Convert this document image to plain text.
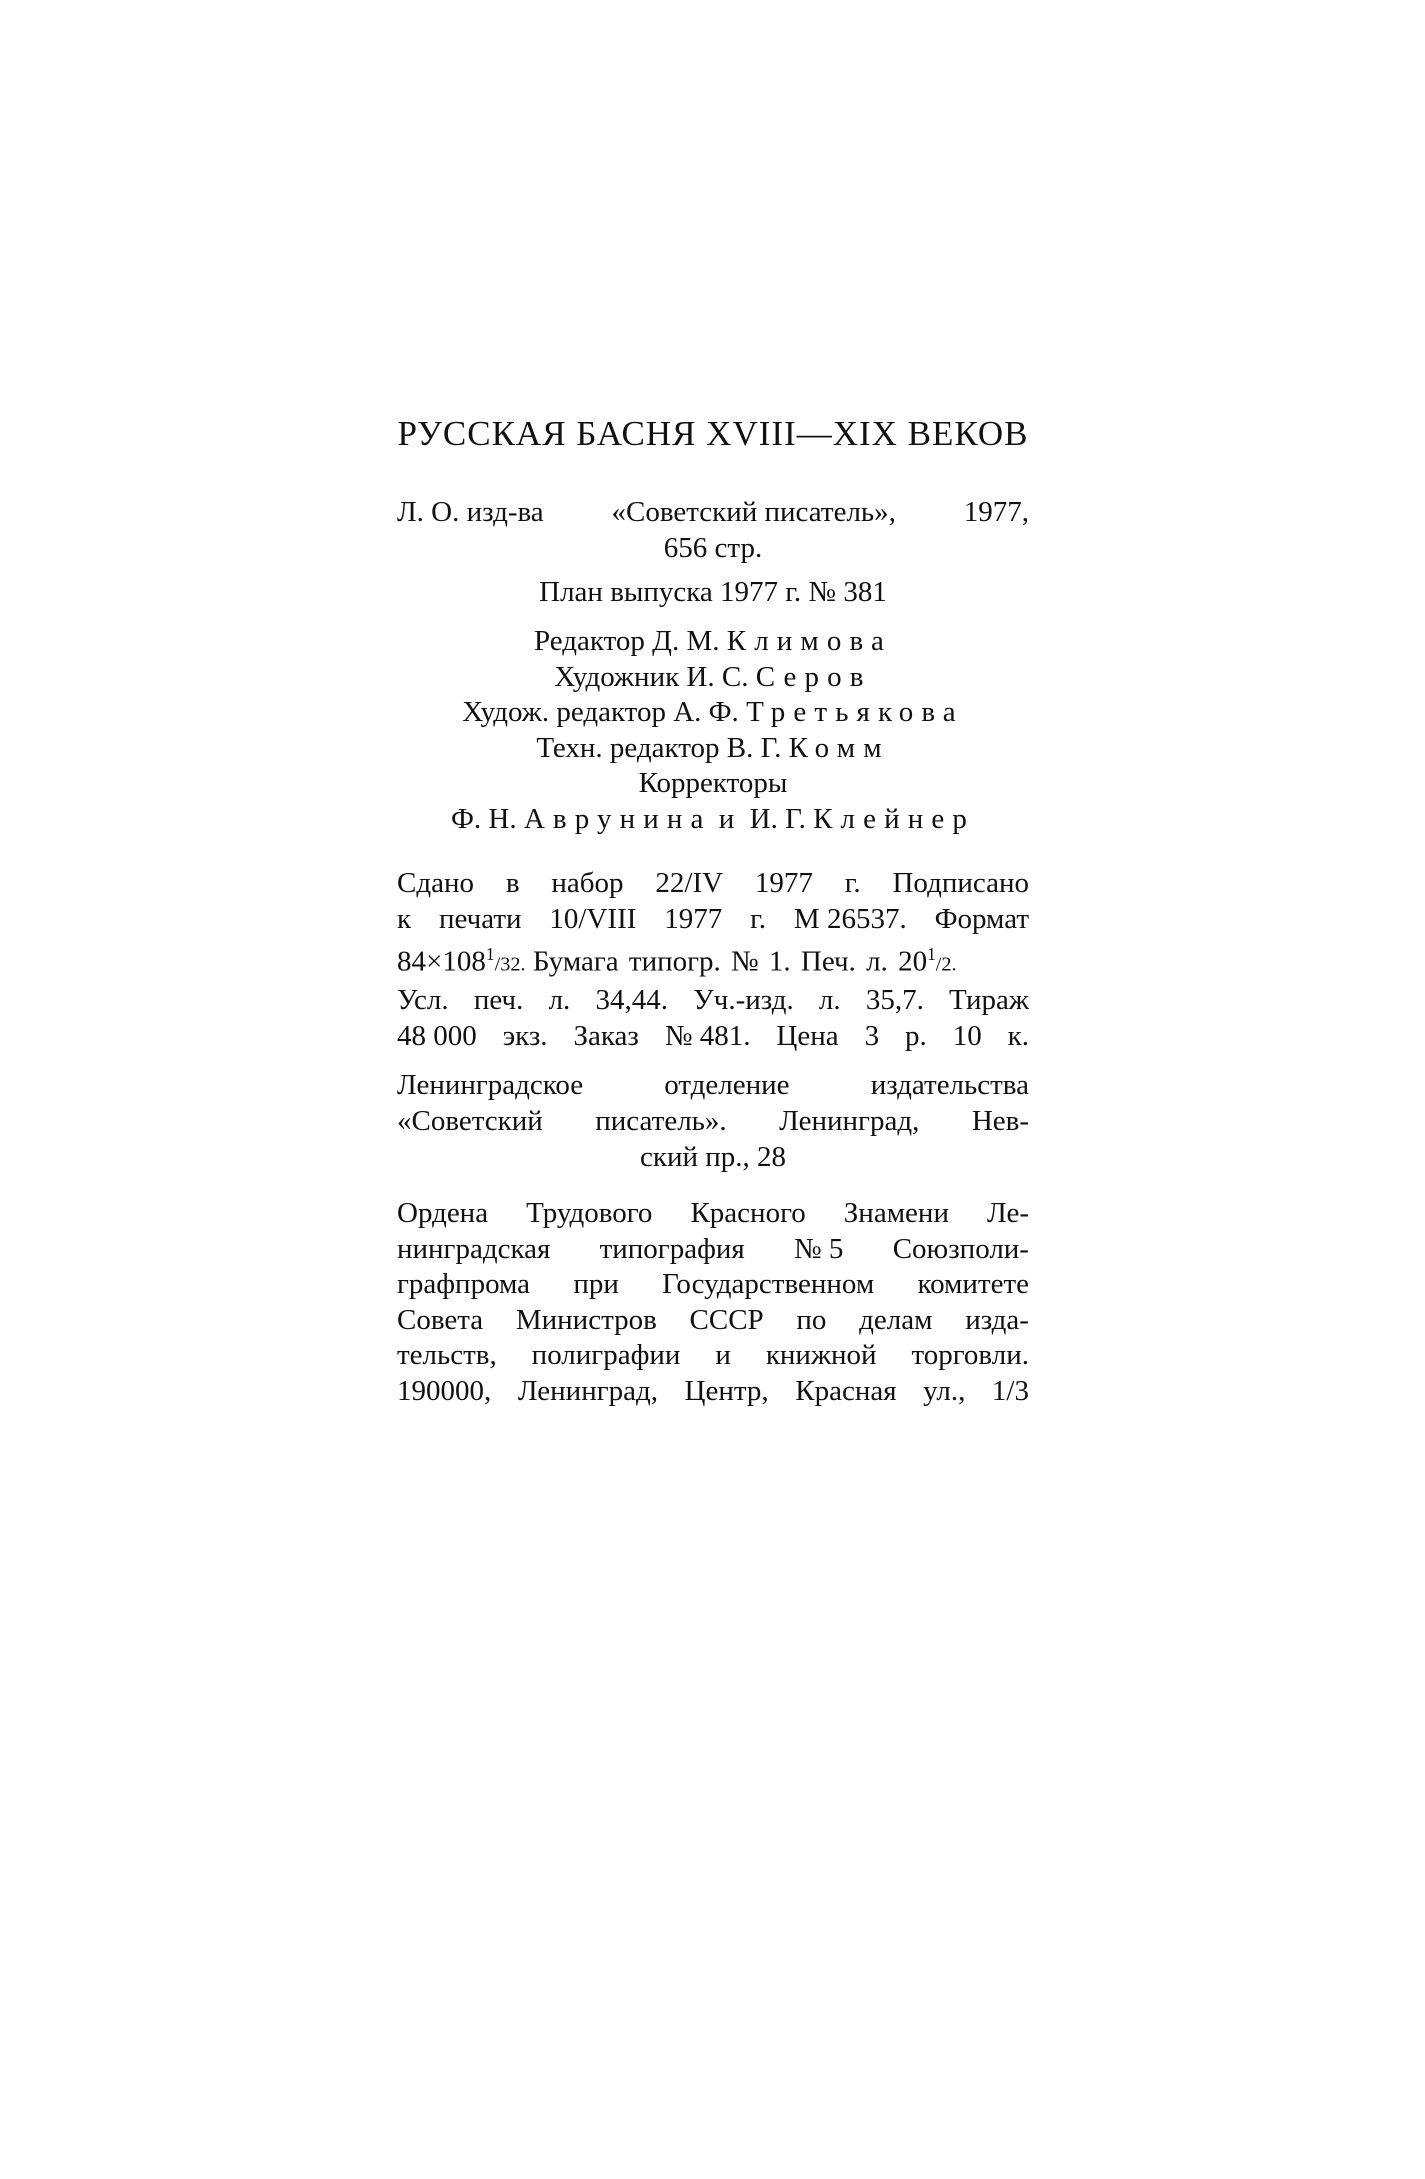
РУССКАЯ БАСНЯ XVIII—XIX ВЕКОВ
Л. О. изд-ва «Советский писатель», 1977,
656 стр.
План выпуска 1977 г. № 381
Редактор Д. М. Климова
Художник И. С. Серов
Худож. редактор А. Ф. Третьякова
Техн. редактор В. Г. Комм
Корректоры
Ф. Н. Аврунина и И. Г. Клейнер
Сдано в набор 22/IV 1977 г. Подписано
к печати 10/VIII 1977 г. М 26537. Формат
$84\times 108^1/32$. Бумага типогр. № 1. Печ. л. $20^1/2$.
Усл. печ. л. 34,44. Уч.-изд. л. 35,7. Тираж
48 000 экз. Заказ № 481. Цена 3 р. 10 к.
Ленинградское	отделение	издательства
«Советский писатель». Ленинград, Нев-
ский пр., 28
Ордена Трудового Красного Знамени Ле-
нинградская типография № 5 Союзполи-
графпрома при Государственном комитете
Совета Министров СССР по делам изда-
тельств, полиграфии и книжной торговли.
190000, Ленинград, Центр, Красная ул., 1/3
